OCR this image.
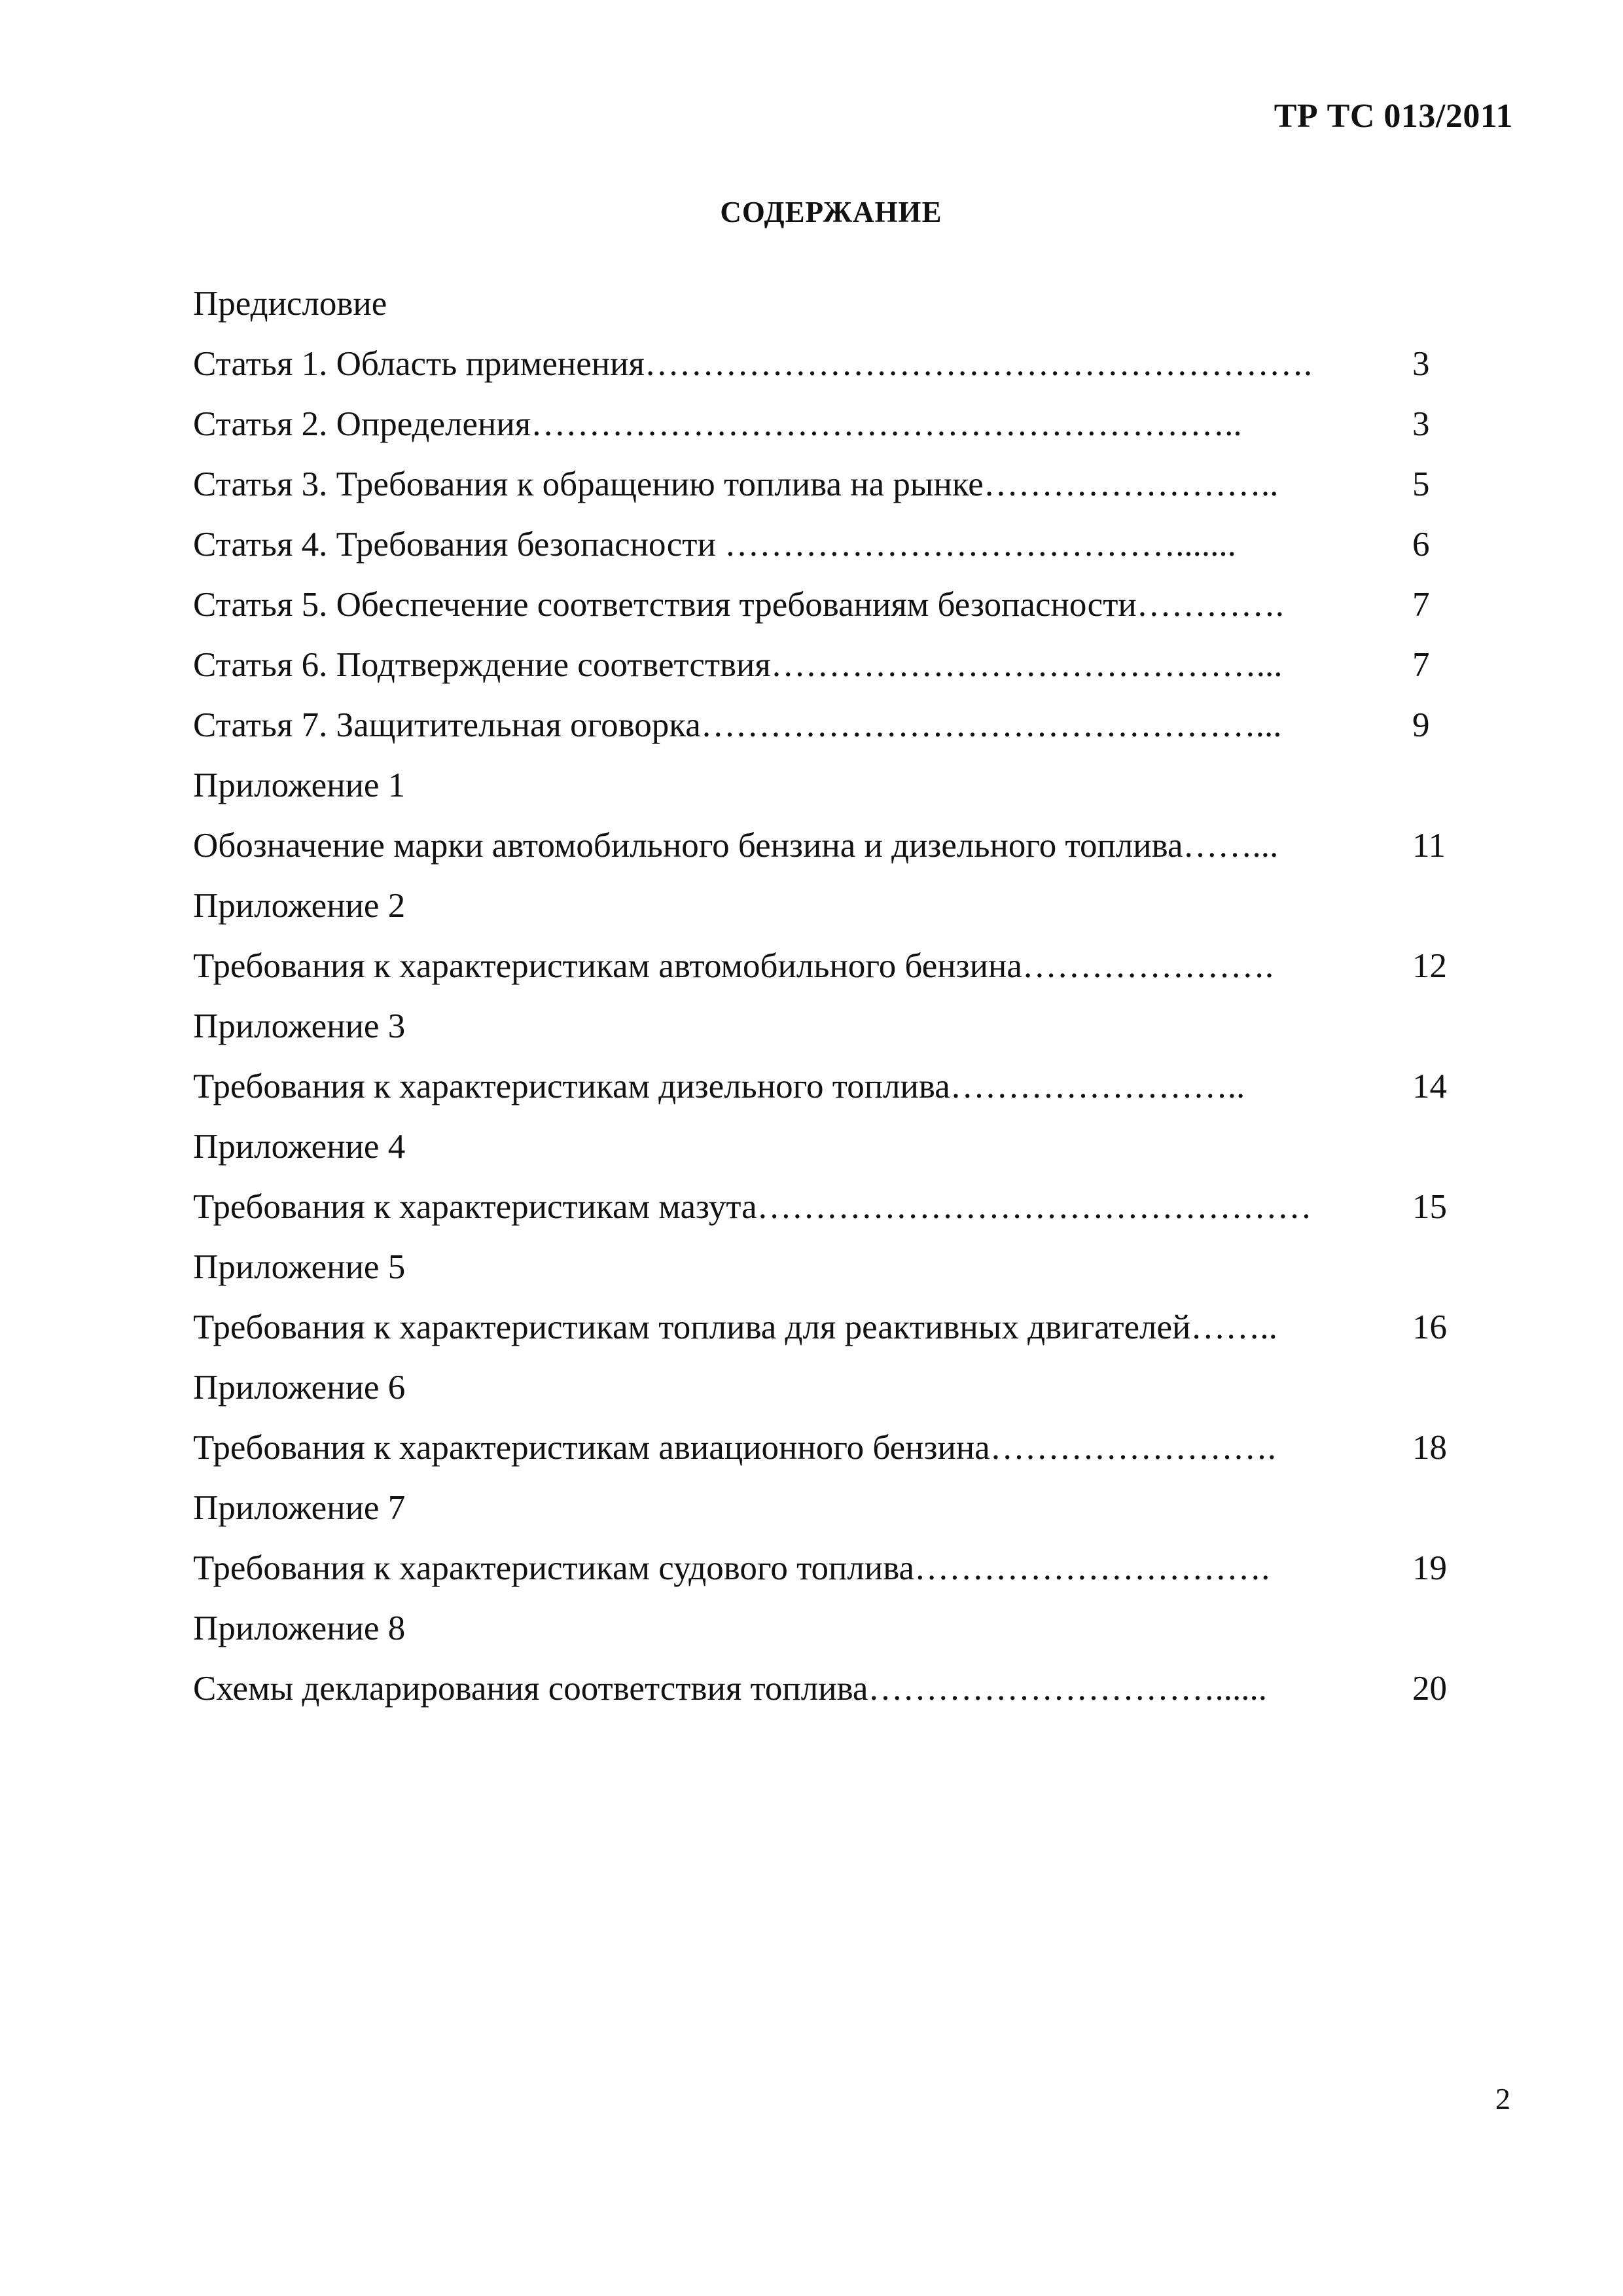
ТР ТС 013/2011
СОДЕРЖАНИЕ
Предисловие
Статья 1. Область применения………………………………………………….	3
Статья 2. Определения……………………………………………………..	3
Статья 3. Требования к обращению топлива на рынке……………………..	5
Статья 4. Требования безопасности ………………………………….......	6
Статья 5. Обеспечение соответствия требованиям безопасности………….	7
Статья 6. Подтверждение соответствия……………………………………...	7
Статья 7. Защитительная оговорка…………………………………………...	9
Приложение 1
Обозначение марки автомобильного бензина и дизельного топлива……...	11
Приложение 2
Требования к характеристикам автомобильного бензина………………….	12
Приложение 3
Требования к характеристикам дизельного топлива……………………..	14
Приложение 4
Требования к характеристикам мазута…………………………………………	15
Приложение 5
Требования к характеристикам топлива для реактивных двигателей……..	16
Приложение 6
Требования к характеристикам авиационного бензина…………………….	18
Приложение 7
Требования к характеристикам судового топлива………………………….	19
Приложение 8
Схемы декларирования соответствия топлива…………………………......	20
2
